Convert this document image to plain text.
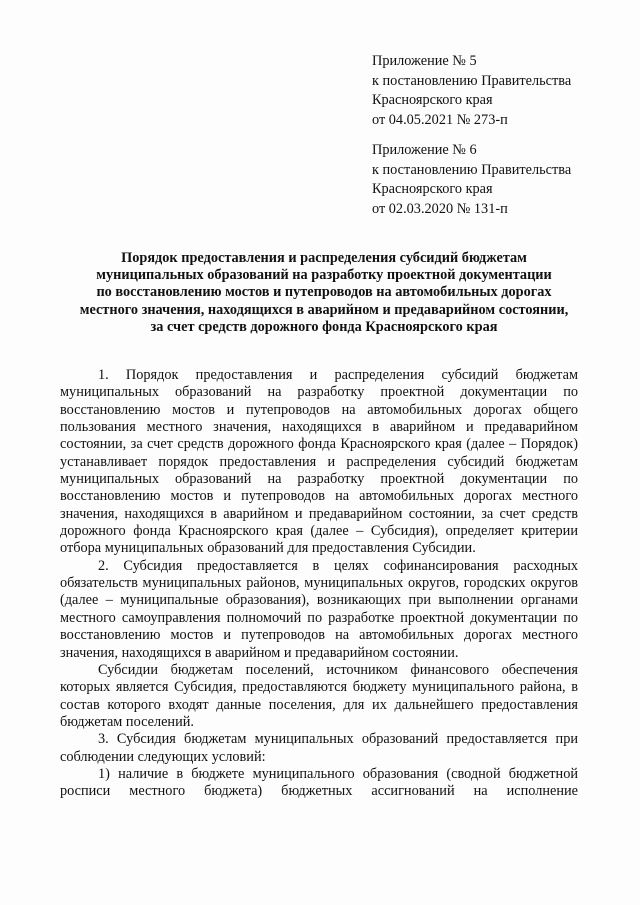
Приложение № 5
к постановлению Правительства
Красноярского края
от 04.05.2021 № 273-п
Приложение № 6
к постановлению Правительства
Красноярского края
от 02.03.2020 № 131-п
Порядок предоставления и распределения субсидий бюджетам
муниципальных образований на разработку проектной документации
по восстановлению мостов и путепроводов на автомобильных дорогах
местного значения, находящихся в аварийном и предаварийном состоянии,
за счет средств дорожного фонда Красноярского края

1. Порядок предоставления и распределения субсидий бюджетам муниципальных образований на разработку проектной документации по восстановлению мостов и путепроводов на автомобильных дорогах общего пользования местного значения, находящихся в аварийном и предаварийном состоянии, за счет средств дорожного фонда Красноярского края (далее – Порядок) устанавливает порядок предоставления и распределения субсидий бюджетам муниципальных образований на разработку проектной документации по восстановлению мостов и путепроводов на автомобильных дорогах местного значения, находящихся в аварийном и предаварийном состоянии, за счет средств дорожного фонда Красноярского края (далее – Субсидия), определяет критерии отбора муниципальных образований для предоставления Субсидии.

2. Субсидия предоставляется в целях софинансирования расходных обязательств муниципальных районов, муниципальных округов, городских округов (далее – муниципальные образования), возникающих при выполнении органами местного самоуправления полномочий по разработке проектной документации по восстановлению мостов и путепроводов на автомобильных дорогах местного значения, находящихся в аварийном и предаварийном состоянии.

Субсидии бюджетам поселений, источником финансового обеспечения которых является Субсидия, предоставляются бюджету муниципального района, в состав которого входят данные поселения, для их дальнейшего предоставления бюджетам поселений.

3. Субсидия бюджетам муниципальных образований предоставляется при соблюдении следующих условий:

1) наличие в бюджете муниципального образования (сводной бюджетной росписи местного бюджета) бюджетных ассигнований на исполнение
